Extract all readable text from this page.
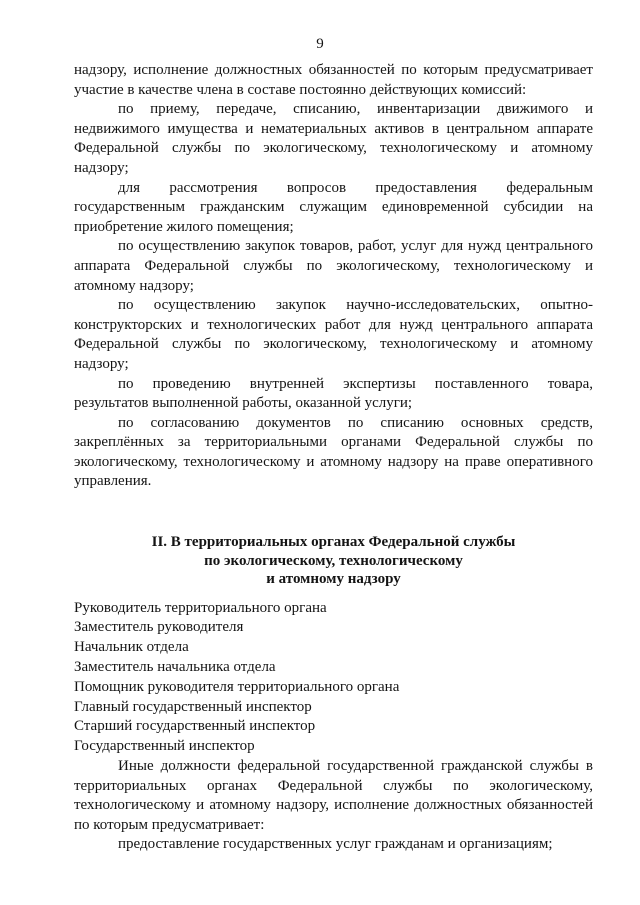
9

надзору, исполнение должностных обязанностей по которым предусматривает участие в качестве члена в составе постоянно действующих комиссий:

по приему, передаче, списанию, инвентаризации движимого и недвижимого имущества и нематериальных активов в центральном аппарате Федеральной службы по экологическому, технологическому и атомному надзору;

для рассмотрения вопросов предоставления федеральным государственным гражданским служащим единовременной субсидии на приобретение жилого помещения;

по осуществлению закупок товаров, работ, услуг для нужд центрального аппарата Федеральной службы по экологическому, технологическому и атомному надзору;

по осуществлению закупок научно-исследовательских, опытно-конструкторских и технологических работ для нужд центрального аппарата Федеральной службы по экологическому, технологическому и атомному надзору;

по проведению внутренней экспертизы поставленного товара, результатов выполненной работы, оказанной услуги;

по согласованию документов по списанию основных средств, закреплённых за территориальными органами Федеральной службы по экологическому, технологическому и атомному надзору на праве оперативного управления.

II. В территориальных органах Федеральной службы
по экологическому, технологическому
и атомному надзору

Руководитель территориального органа

Заместитель руководителя

Начальник отдела

Заместитель начальника отдела

Помощник руководителя территориального органа

Главный государственный инспектор

Старший государственный инспектор

Государственный инспектор

Иные должности федеральной государственной гражданской службы в территориальных органах Федеральной службы по экологическому, технологическому и атомному надзору, исполнение должностных обязанностей по которым предусматривает:

предоставление государственных услуг гражданам и организациям;
